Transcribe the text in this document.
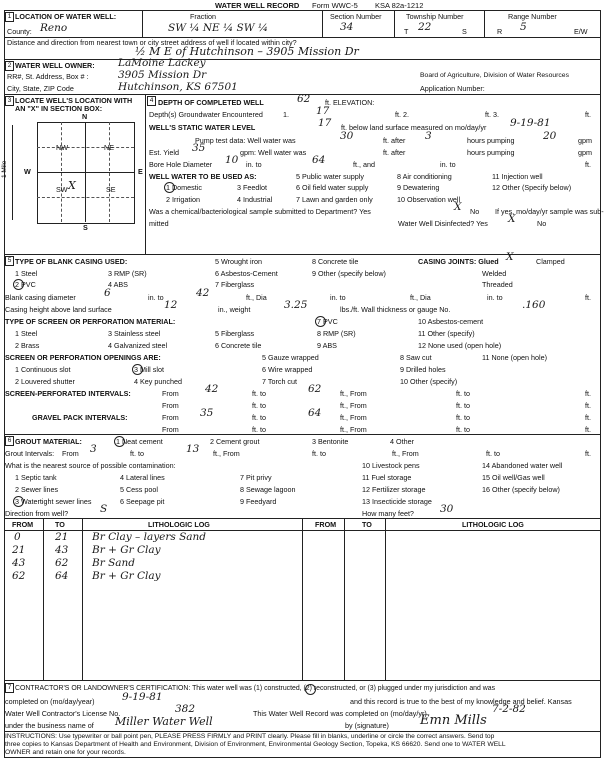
WATER WELL RECORD Form WWC-5 KSA 82a-1212
1 LOCATION OF WATER WELL:
County: Reno
Fraction
SW ¼ NE ¼ SW ¼
Section Number
34
Township Number
T 22	S
Range Number
R 5	E/W
Distance and direction from nearest town or city street address of well if located within city?
½ M E of Hutchinson – 3905 Mission Dr
2 WATER WELL OWNER: LaMoine Lackey
RR#, St. Address, Box # :	3905 Mission Dr
City, State, ZIP Code	Hutchinson, KS 67501
Board of Agriculture, Division of Water Resources
Application Number:
3 LOCATE WELL'S LOCATION WITH
AN "X" IN SECTION BOX:
N
S
W	E
NW	NE
SW	SE
X
1 Mile
4 DEPTH OF COMPLETED WELL	62 ft. ELEVATION:
Depth(s) Groundwater Encountered	1.	17	ft. 2.	ft. 3.	ft.
WELL'S STATIC WATER LEVEL	17 ft. below land surface measured on mo/day/yr 9-19-81
Pump test data: Well water was	30	ft. after 3	hours pumping	20	gpm
Est. Yield 35	gpm: Well water was	ft. after	hours pumping	gpm
Bore Hole Diameter 10 in. to	64	ft., and	in. to	ft.
WELL WATER TO BE USED AS:
1 Domestic
2 Irrigation
3 Feedlot
4 Industrial
5 Public water supply
7 Lawn and garden only
6 Oil field water supply
8 Air conditioning
10 Observation well
9 Dewatering
11 Injection well
12 Other (Specify below)
Was a chemical/bacteriological sample submitted to Department? Yes	No
X	If yes, mo/day/yr sample was sub-
mitted	Water Well Disinfected? Yes X	No
5 TYPE OF BLANK CASING USED:
1 Steel
2 PVC
3 RMP (SR)
4 ABS
5 Wrought iron
6 Asbestos-Cement
7 Fiberglass
8 Concrete tile
9 Other (specify below)
CASING JOINTS: Glued X	Clamped
Welded
Threaded
Blank casing diameter	6	in. to	42	ft., Dia	in. to	ft., Dia	in. to	ft.
Casing height above land surface	12	in., weight	3.25	lbs./ft. Wall thickness or gauge No.	.160
TYPE OF SCREEN OR PERFORATION MATERIAL:
1 Steel
2 Brass
3 Stainless steel
4 Galvanized steel
5 Fiberglass
6 Concrete tile
7 PVC
8 RMP (SR)
9 ABS
10 Asbestos-cement
11 Other (specify)
12 None used (open hole)
SCREEN OR PERFORATION OPENINGS ARE:
1 Continuous slot
2 Louvered shutter
3 Mill slot
4 Key punched
5 Gauze wrapped
6 Wire wrapped
7 Torch cut
8 Saw cut
9 Drilled holes
10 Other (specify)
11 None (open hole)
SCREEN-PERFORATED INTERVALS:	From 42	ft. to	62	ft., From	ft. to	ft.
From	ft. to	ft., From	ft. to	ft.
GRAVEL PACK INTERVALS:	From 35	ft. to	64	ft., From	ft. to	ft.
From	ft. to	ft., From	ft. to	ft.
6 GROUT MATERIAL:	1 Neat cement	2 Cement grout	3 Bentonite	4 Other
Grout Intervals: From 3	ft. to	13 ft., From	ft. to	ft., From	ft. to	ft.
What is the nearest source of possible contamination:
1 Septic tank
2 Sewer lines
3 Watertight sewer lines
4 Lateral lines
5 Cess pool
6 Seepage pit
7 Pit privy
8 Sewage lagoon
9 Feedyard
10 Livestock pens
11 Fuel storage
12 Fertilizer storage
13 Insecticide storage
14 Abandoned water well
15 Oil well/Gas well
16 Other (specify below)
Direction from well?	S	How many feet? 30
FROM	TO	LITHOLOGIC LOG	FROM	TO	LITHOLOGIC LOG
0	21 Br Clay – layers Sand
21	43 Br + Gr Clay
43	62 Br Sand
62	64 Br + Gr Clay
7 CONTRACTOR'S OR LANDOWNER'S CERTIFICATION: This water well was (1) constructed, (2) reconstructed, or (3) plugged under my jurisdiction and was
completed on (mo/day/year)	9-19-81	and this record is true to the best of my knowledge and belief. Kansas
Water Well Contractor's License No.	382	This Water Well Record was completed on (mo/day/yr)	7-2-82
under the business name of Miller Water Well	by (signature) Emn Mills
INSTRUCTIONS: Use typewriter or ball point pen, PLEASE PRESS FIRMLY and PRINT clearly. Please fill in blanks, underline or circle the correct answers. Send top
three copies to Kansas Department of Health and Environment, Division of Environment, Environmental Geology Section, Topeka, KS 66620. Send one to WATER WELL
OWNER and retain one for your records.
